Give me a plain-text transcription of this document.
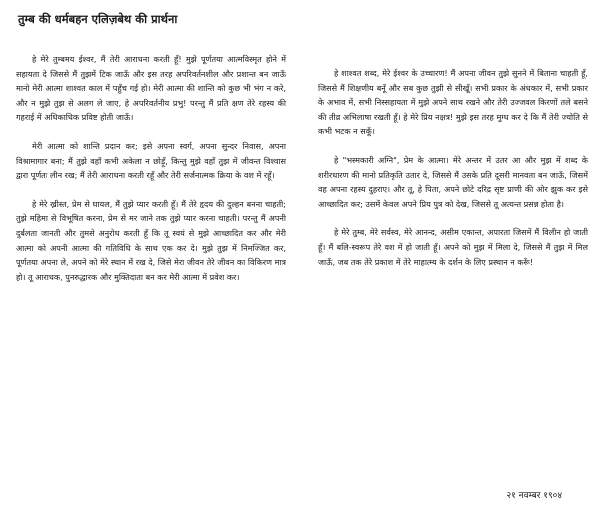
तुम्ब की धर्मबहन एलिज़बेथ की प्रार्थना

हे मेरे तुम्बमय ईश्वर, मैं तेरी आराधना करती हूँ! मुझे पूर्णतया आत्मविस्मृत होने में सहायता दे जिससे मैं तुझमें टिक जाऊँ और इस तरह अपरिवर्तनशील और प्रशान्त बन जाऊँ मानो मेरी आत्मा शाश्वत काल में पहुँच गई हो। मेरी आत्मा की शान्ति को कुछ भी भंग न करे, और न मुझे तुझ से अलग ले जाए, हे अपरिवर्तनीय प्रभु! परन्तु मैं प्रति क्षण तेरे रहस्य की गहराई में अधिकाधिक प्रविष्ट होती जाऊँ।

मेरी आत्मा को शान्ति प्रदान कर; इसे अपना स्वर्ग, अपना सुन्दर निवास, अपना विश्रामागार बना; मैं तुझे वहाँ कभी अकेला न छोड़ूँ, किन्तु मुझे वहाँ तुझ में जीवन्त विश्वास द्वारा पूर्णतः लीन रख; मैं तेरी आराधना करती रहूँ और तेरी सर्जनात्मक क्रिया के वश में रहूँ।

हे मेरे ख्रीस्त, प्रेम से घायल, मैं तुझे प्यार करती हूँ। मैं तेरे हृदय की दुल्हन बनना चाहती; तुझे महिमा से विभूषित करना, प्रेम से मर जाने तक तुझे प्यार करना चाहती। परन्तु मैं अपनी दुर्बलता जानती और तुमसे अनुरोध करती हूँ कि तू स्वयं से मुझे आच्छादित कर और मेरी आत्मा को अपनी आत्मा की गतिविधि के साथ एक कर दे। मुझे तुझ में निमज्जित कर, पूर्णतया अपना ले, अपने को मेरे स्थान में रख दे, जिसे मेरा जीवन तेरे जीवन का विकिरण मात्र हो। तू आराधक, पुनरुद्धारक और मुक्तिदाता बन कर मेरी आत्मा में प्रवेश कर।

हे शाश्वत शब्द, मेरे ईश्वर के उच्चारण! मैं अपना जीवन तुझे सुनने में बिताना चाहती हूँ, जिससे मैं शिक्षणीय बनूँ और सब कुछ तुझी से सीखूँ। सभी प्रकार के अंधकार में, सभी प्रकार के अभाव में, सभी निस्सहायता में मुझे अपने साथ रखने और तेरी उज्जवल किरणों तले बसने की तीव्र अभिलाषा रखती हूँ। हे मेरे प्रिय नक्षत्र! मुझे इस तरह मुग्ध कर दे कि मैं तेरी ज्योति से कभी भटक न सकूँ।

हे "भस्मकारी अग्नि", प्रेम के आत्मा। मेरे अन्तर में उतर आ और मुझ में शब्द के शरीरधारण की मानो प्रतिकृति उतार दे, जिससे मैं उसके प्रति दूसरी मानवता बन जाऊँ, जिसमें वह अपना रहस्य दुहराए। और तू, हे पिता, अपने छोटे दरिद्र सृष्ट प्राणी की ओर झुक कर इसे आच्छादित कर; उसमें केवल अपने प्रिय पुत्र को देख, जिससे तू अत्यन्त प्रसन्न होता है।

हे मेरे तुम्ब, मेरे सर्वस्व, मेरे आनन्द, असीम एकान्त, अपारता जिसमें मैं विलीन हो जाती हूँ। मैं बलि-स्वरूप तेरे वश में हो जाती हूँ। अपने को मुझ में मिला दे, जिससे मैं तुझ में मिल जाऊँ, जब तक तेरे प्रकाश में तेरे माहात्म्य के दर्शन के लिए प्रस्थान न करूँ!

२१ नवम्बर १९०४
